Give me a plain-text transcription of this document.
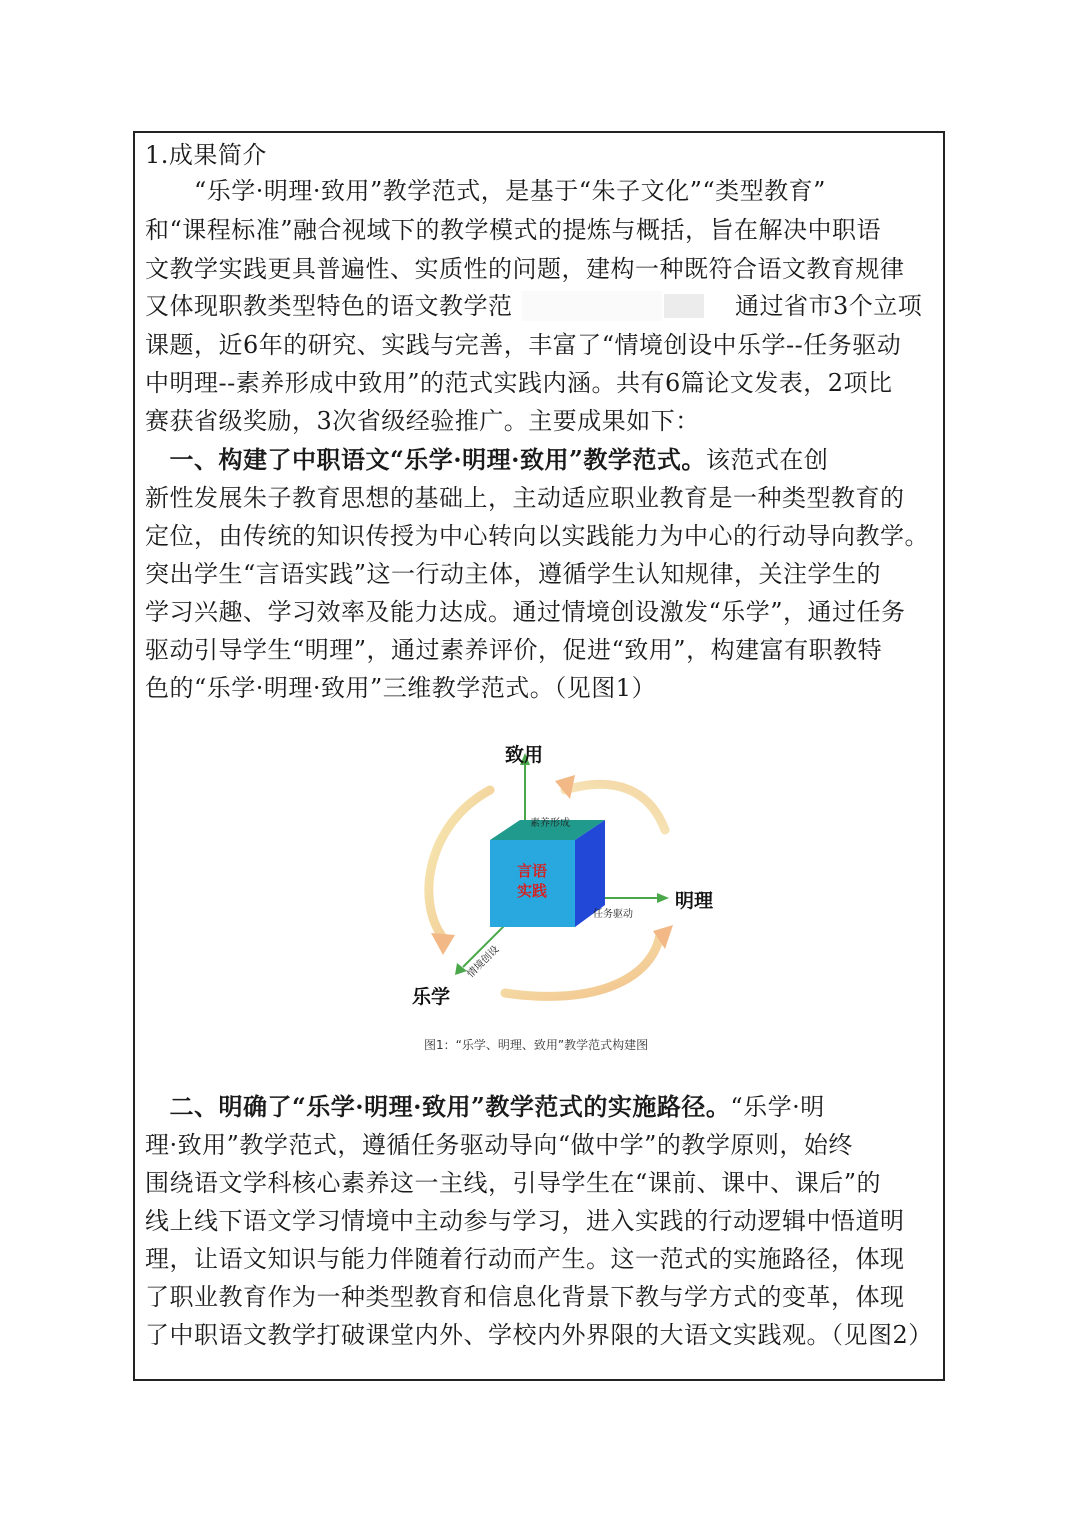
1.成果简介
　　“乐学·明理·致用”教学范式，是基于“朱子文化”“类型教育”
和“课程标准”融合视域下的教学模式的提炼与概括，旨在解决中职语
文教学实践更具普遍性、实质性的问题，建构一种既符合语文教育规律
又体现职教类型特色的语文教学范	通过省市3个立项
课题，近6年的研究、实践与完善，丰富了“情境创设中乐学--任务驱动
中明理--素养形成中致用”的范式实践内涵。共有6篇论文发表，2项比
赛获省级奖励，3次省级经验推广。主要成果如下：
　一、构建了中职语文“乐学·明理·致用”教学范式。该范式在创
新性发展朱子教育思想的基础上，主动适应职业教育是一种类型教育的
定位，由传统的知识传授为中心转向以实践能力为中心的行动导向教学。
突出学生“言语实践”这一行动主体，遵循学生认知规律，关注学生的
学习兴趣、学习效率及能力达成。通过情境创设激发“乐学”，通过任务
驱动引导学生“明理”，通过素养评价，促进“致用”，构建富有职教特
色的“乐学·明理·致用”三维教学范式。（见图1）
言语
实践
致用
素养形成
明理
任务驱动
乐学
情境创设
图1：“乐学、明理、致用”教学范式构建图
　二、明确了“乐学·明理·致用”教学范式的实施路径。“乐学·明
理·致用”教学范式，遵循任务驱动导向“做中学”的教学原则，始终
围绕语文学科核心素养这一主线，引导学生在“课前、课中、课后”的
线上线下语文学习情境中主动参与学习，进入实践的行动逻辑中悟道明
理，让语文知识与能力伴随着行动而产生。这一范式的实施路径，体现
了职业教育作为一种类型教育和信息化背景下教与学方式的变革，体现
了中职语文教学打破课堂内外、学校内外界限的大语文实践观。（见图2）
